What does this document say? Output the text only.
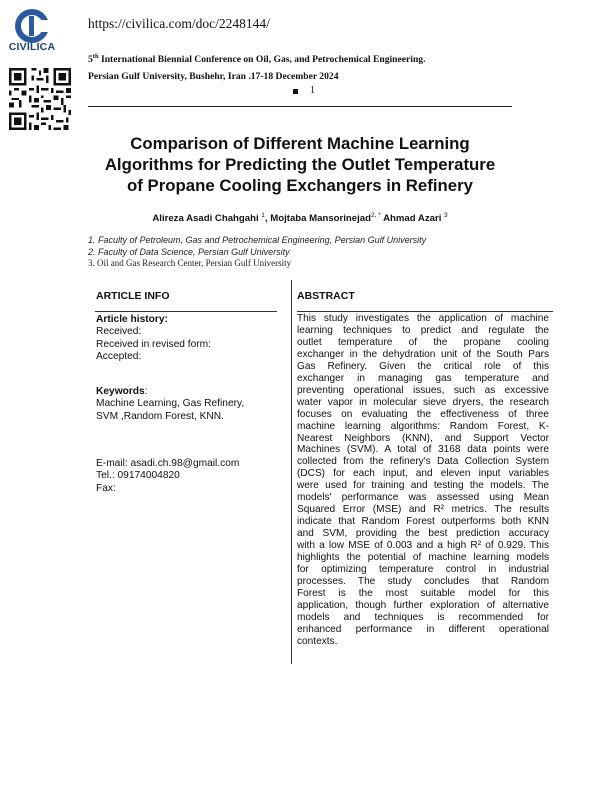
CIVILICA
https://civilica.com/doc/2248144/
5th International Biennial Conference on Oil, Gas, and Petrochemical Engineering.
Persian Gulf University, Bushehr, Iran .17-18 December 2024
1
Comparison of Different Machine Learning
Algorithms for Predicting the Outlet Temperature
of Propane Cooling Exchangers in Refinery
Alireza Asadi Chahgahi $^1$, Mojtaba Mansorinejad$^{2, *}$ Ahmad Azari $^3$
1. Faculty of Petroleum, Gas and Petrochemical Engineering, Persian Gulf University
2. Faculty of Data Science, Persian Gulf University
3. Oil and Gas Research Center, Persian Gulf University
ARTICLE INFO	ABSTRACT
Article history:
Received:
Received in revised form:
Accepted:
Keywords:
Machine Learning, Gas Refinery,
SVM ,Random Forest, KNN.
E-mail: asadi.ch.98@gmail.com
Tel.: 09174004820
Fax:
This study investigates the application of machine
learning techniques to predict and regulate the
outlet temperature of the propane cooling
exchanger in the dehydration unit of the South Pars
Gas Refinery. Given the critical role of this
exchanger in managing gas temperature and
preventing operational issues, such as excessive
water vapor in molecular sieve dryers, the research
focuses on evaluating the effectiveness of three
machine learning algorithms: Random Forest, K-
Nearest Neighbors (KNN), and Support Vector
Machines (SVM). A total of 3168 data points were
collected from the refinery's Data Collection System
(DCS) for each input, and eleven input variables
were used for training and testing the models. The
models' performance was assessed using Mean
Squared Error (MSE) and R² metrics. The results
indicate that Random Forest outperforms both KNN
and SVM, providing the best prediction accuracy
with a low MSE of 0.003 and a high R² of 0.929. This
highlights the potential of machine learning models
for optimizing temperature control in industrial
processes. The study concludes that Random
Forest is the most suitable model for this
application, though further exploration of alternative
models and techniques is recommended for
enhanced performance in different operational
contexts.
